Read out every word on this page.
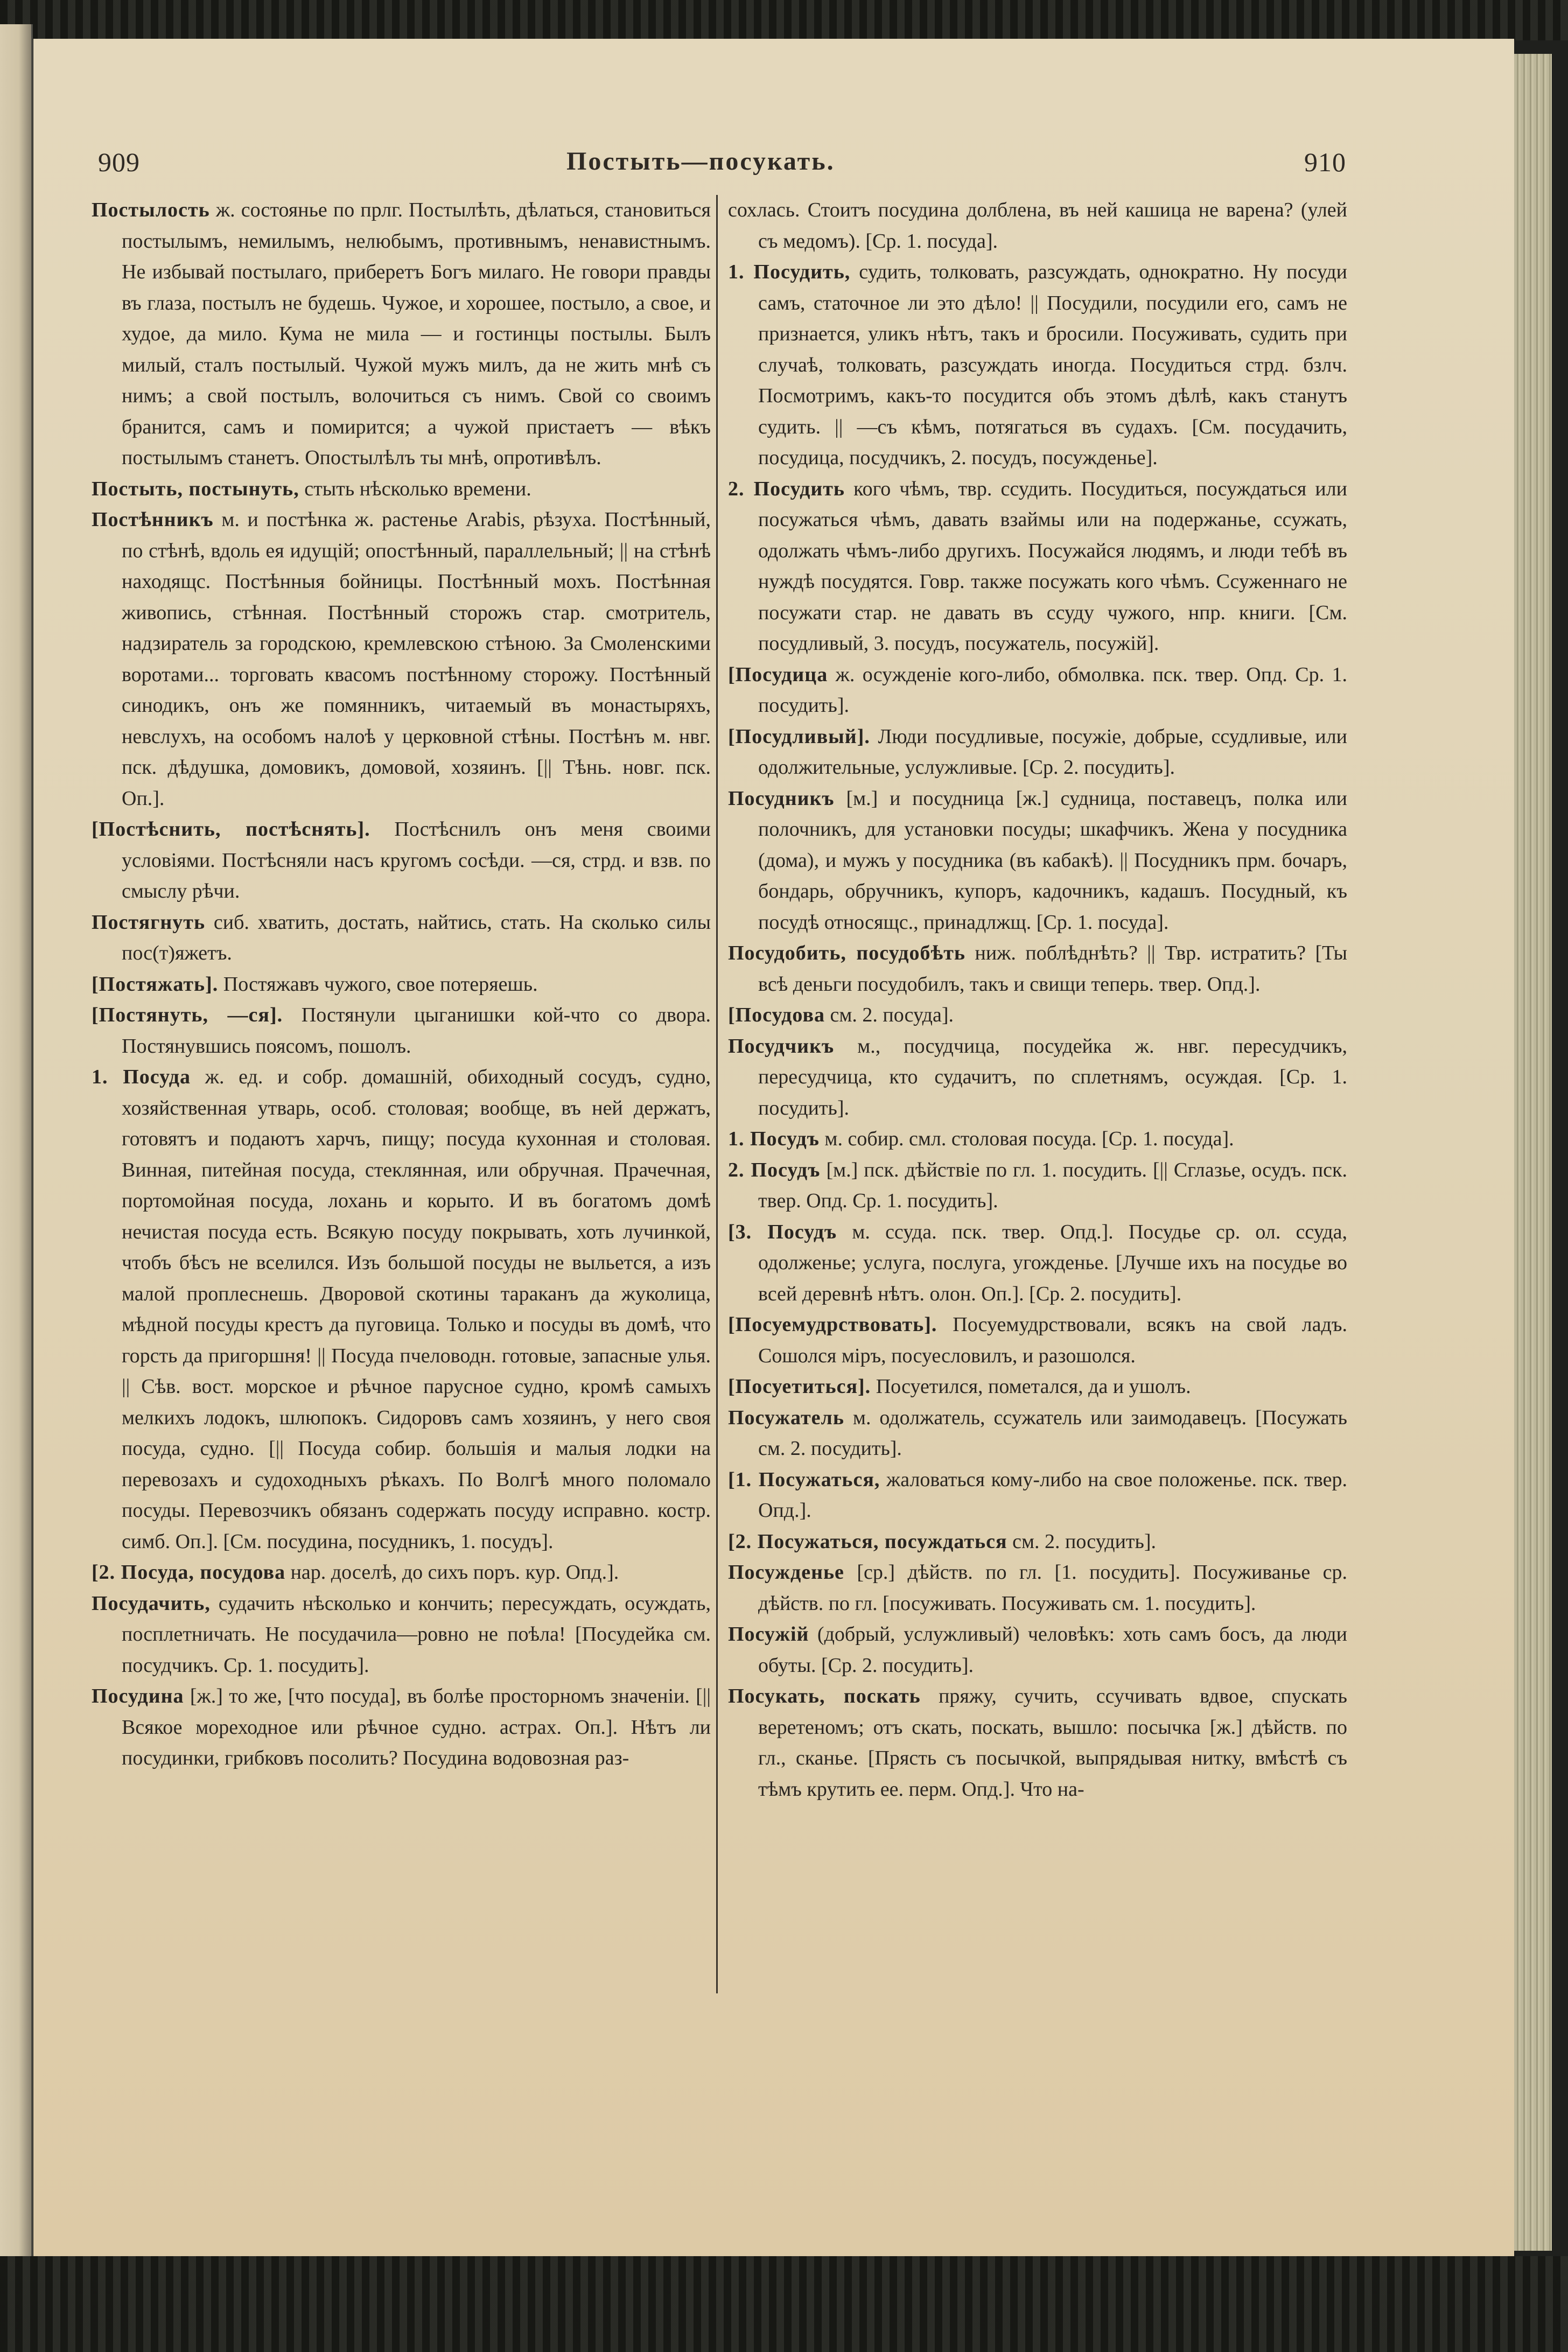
909	Постыть—посукать.	910

Постылость ж. состоянье по прлг. Постылѣть, дѣлаться, становиться постылымъ, немилымъ, нелюбымъ, противнымъ, ненавистнымъ. Не избывай постылаго, приберетъ Богъ милаго. Не говори правды въ глаза, постылъ не будешь. Чужое, и хорошее, постыло, а свое, и худое, да мило. Кума не мила — и гостинцы постылы. Былъ милый, сталъ постылый. Чужой мужъ милъ, да не жить мнѣ съ нимъ; а свой постылъ, волочиться съ нимъ. Свой со своимъ бранится, самъ и помирится; а чужой пристаетъ — вѣкъ постылымъ станетъ. Опостылѣлъ ты мнѣ, опротивѣлъ.

Постыть, постынуть, стыть нѣсколько времени.

Постѣнникъ м. и постѣнка ж. растенье Arabis, рѣзуха. Постѣнный, по стѣнѣ, вдоль ея идущiй; опостѣнный, параллельный; || на стѣнѣ находящс. Постѣнныя бойницы. Постѣнный мохъ. Постѣнная живопись, стѣнная. Постѣнный сторожъ стар. смотритель, надзиратель за городскою, кремлевскою стѣною. За Смоленскими воротами... торговать квасомъ постѣнному сторожу. Постѣнный синодикъ, онъ же помянникъ, читаемый въ монастыряхъ, невслухъ, на особомъ налоѣ у церковной стѣны. Постѣнъ м. нвг. пск. дѣдушка, домовикъ, домовой, хозяинъ. [|| Тѣнь. новг. пск. Оп.].

[Постѣснить, постѣснять]. Постѣснилъ онъ меня своими условiями. Постѣсняли насъ кругомъ сосѣди. —ся, стрд. и взв. по смыслу рѣчи.

Постягнуть сиб. хватить, достать, найтись, стать. На сколько силы пос(т)яжетъ.

[Постяжать]. Постяжавъ чужого, свое потеряешь.

[Постянуть, —ся]. Постянули цыганишки кой-что со двора. Постянувшись поясомъ, пошолъ.

1. Посуда ж. ед. и собр. домашнiй, обиходный сосудъ, судно, хозяйственная утварь, особ. столовая; вообще, въ ней держатъ, готовятъ и подаютъ харчъ, пищу; посуда кухонная и столовая. Винная, питейная посуда, стеклянная, или обручная. Прачечная, портомойная посуда, лохань и корыто. И въ богатомъ домѣ нечистая посуда есть. Всякую посуду покрывать, хоть лучинкой, чтобъ бѣсъ не вселился. Изъ большой посуды не выльется, а изъ малой проплеснешь. Дворовой скотины тараканъ да жуколица, мѣдной посуды крестъ да пуговица. Только и посуды въ домѣ, что горсть да пригоршня! || Посуда пчеловодн. готовые, запасные улья. || Сѣв. вост. морское и рѣчное парусное судно, кромѣ самыхъ мелкихъ лодокъ, шлюпокъ. Сидоровъ самъ хозяинъ, у него своя посуда, судно. [|| Посуда собир. большiя и малыя лодки на перевозахъ и судоходныхъ рѣкахъ. По Волгѣ много поломало посуды. Перевозчикъ обязанъ содержать посуду исправно. костр. симб. Оп.]. [См. посудина, посудникъ, 1. посудъ].

[2. Посуда, посудова нар. доселѣ, до сихъ поръ. кур. Опд.].

Посудачить, судачить нѣсколько и кончить; пересуждать, осуждать, посплетничать. Не посудачила—ровно не поѣла! [Посудейка см. посудчикъ. Ср. 1. посудить].

Посудина [ж.] то же, [что посуда], въ болѣе просторномъ значенiи. [|| Всякое мореходное или рѣчное судно. астрах. Оп.]. Нѣтъ ли посудинки, грибковъ посолить? Посудина водовозная раз-

сохлась. Стоитъ посудина долблена, въ ней кашица не варена? (улей съ медомъ). [Ср. 1. посуда].

1. Посудить, судить, толковать, разсуждать, однократно. Ну посуди самъ, статочное ли это дѣло! || Посудили, посудили его, самъ не признается, уликъ нѣтъ, такъ и бросили. Посуживать, судить при случаѣ, толковать, разсуждать иногда. Посудиться стрд. бзлч. Посмотримъ, какъ-то посудится объ этомъ дѣлѣ, какъ станутъ судить. || —съ кѣмъ, потягаться въ судахъ. [См. посудачить, посудица, посудчикъ, 2. посудъ, посужденье].

2. Посудить кого чѣмъ, твр. ссудить. Посудиться, посуждаться или посужаться чѣмъ, давать взаймы или на подержанье, ссужать, одолжать чѣмъ-либо другихъ. Посужайся людямъ, и люди тебѣ въ нуждѣ посудятся. Говр. также посужать кого чѣмъ. Ссуженнаго не посужати стар. не давать въ ссуду чужого, нпр. книги. [См. посудливый, 3. посудъ, посужатель, посужiй].

[Посудица ж. осужденiе кого-либо, обмолвка. пск. твер. Опд. Ср. 1. посудить].

[Посудливый]. Люди посудливые, посужiе, добрые, ссудливые, или одолжительные, услужливые. [Ср. 2. посудить].

Посудникъ [м.] и посудница [ж.] судница, поставецъ, полка или полочникъ, для установки посуды; шкафчикъ. Жена у посудника (дома), и мужъ у посудника (въ кабакѣ). || Посудникъ прм. бочаръ, бондарь, обручникъ, купоръ, кадочникъ, кадашъ. Посудный, къ посудѣ относящс., принадлжщ. [Ср. 1. посуда].

Посудобить, посудобѣть ниж. поблѣднѣть? || Твр. истратить? [Ты всѣ деньги посудобилъ, такъ и свищи теперь. твер. Опд.].

[Посудова см. 2. посуда].

Посудчикъ м., посудчица, посудейка ж. нвг. пересудчикъ, пересудчица, кто судачитъ, по сплетнямъ, осуждая. [Ср. 1. посудить].

1. Посудъ м. собир. смл. столовая посуда. [Ср. 1. посуда].

2. Посудъ [м.] пск. дѣйствiе по гл. 1. посудить. [|| Сглазье, осудъ. пск. твер. Опд. Ср. 1. посудить].

[3. Посудъ м. ссуда. пск. твер. Опд.]. Посудье ср. ол. ссуда, одолженье; услуга, послуга, угожденье. [Лучше ихъ на посудье во всей деревнѣ нѣтъ. олон. Оп.]. [Ср. 2. посудить].

[Посуемудрствовать]. Посуемудрствовали, всякъ на свой ладъ. Сошолся мiръ, посуесловилъ, и разошолся.

[Посуетиться]. Посуетился, пометался, да и ушолъ.

Посужатель м. одолжатель, ссужатель или заимодавецъ. [Посужать см. 2. посудить].

[1. Посужаться, жаловаться кому-либо на свое положенье. пск. твер. Опд.].

[2. Посужаться, посуждаться см. 2. посудить].

Посужденье [ср.] дѣйств. по гл. [1. посудить]. Посуживанье ср. дѣйств. по гл. [посуживать. Посуживать см. 1. посудить].

Посужiй (добрый, услужливый) человѣкъ: хоть самъ босъ, да люди обуты. [Ср. 2. посудить].

Посукать, поскать пряжу, сучить, ссучивать вдвое, спускать веретеномъ; отъ скать, поскать, вышло: посычка [ж.] дѣйств. по гл., сканье. [Прясть съ посычкой, выпрядывая нитку, вмѣстѣ съ тѣмъ крутить ее. перм. Опд.]. Что на-
